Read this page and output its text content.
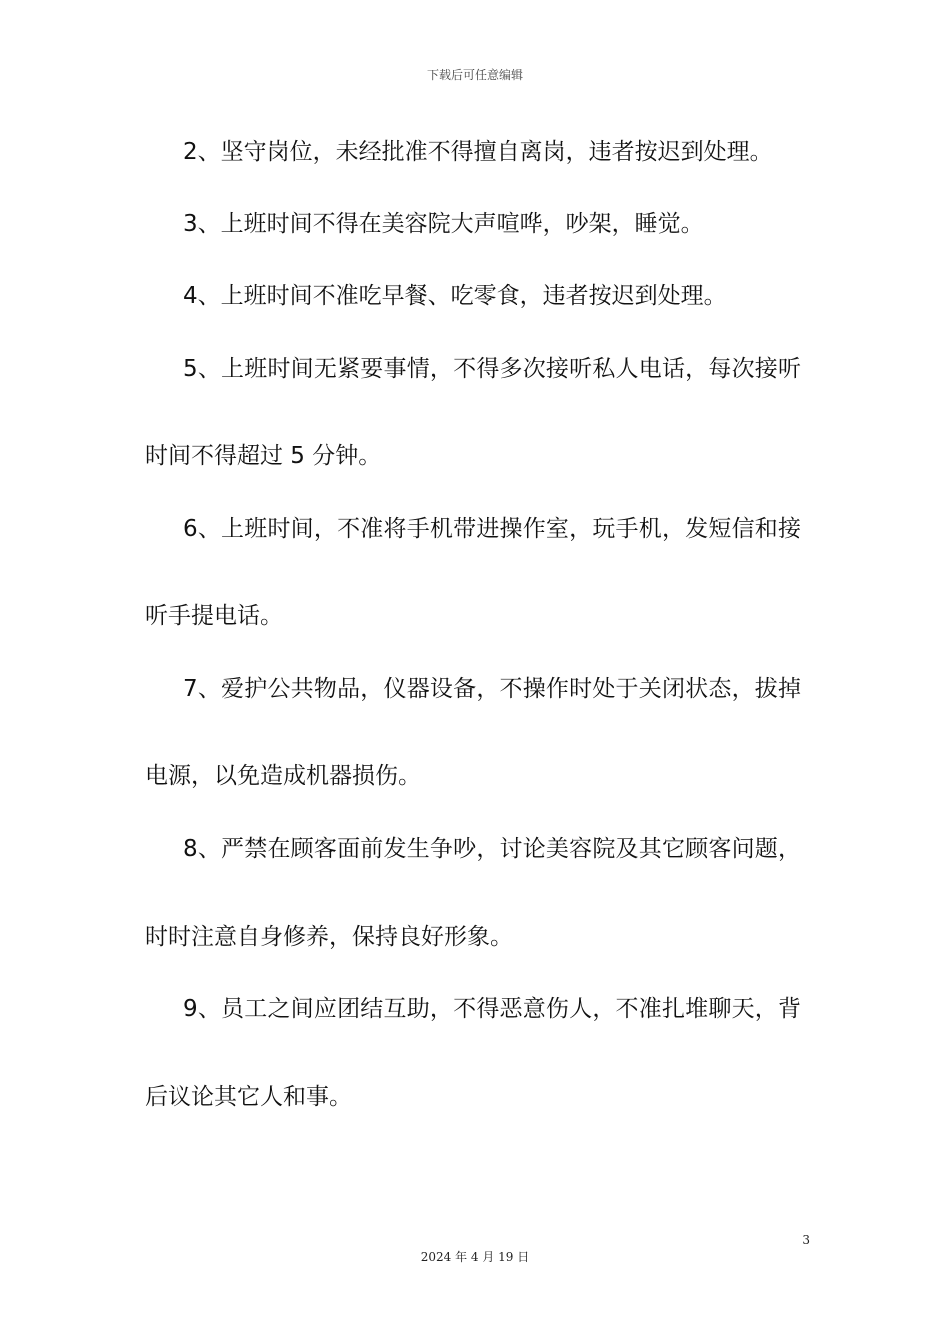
下载后可任意编辑
2、坚守岗位，未经批准不得擅自离岗，违者按迟到处理。
3、上班时间不得在美容院大声喧哗，吵架，睡觉。
4、上班时间不准吃早餐、吃零食，违者按迟到处理。
5、上班时间无紧要事情，不得多次接听私人电话，每次接听
时间不得超过 5 分钟。
6、上班时间，不准将手机带进操作室，玩手机，发短信和接
听手提电话。
7、爱护公共物品，仪器设备，不操作时处于关闭状态，拔掉
电源，以免造成机器损伤。
8、严禁在顾客面前发生争吵，讨论美容院及其它顾客问题，
时时注意自身修养，保持良好形象。
9、员工之间应团结互助，不得恶意伤人，不准扎堆聊天，背
后议论其它人和事。
3
2024 年 4 月 19 日
